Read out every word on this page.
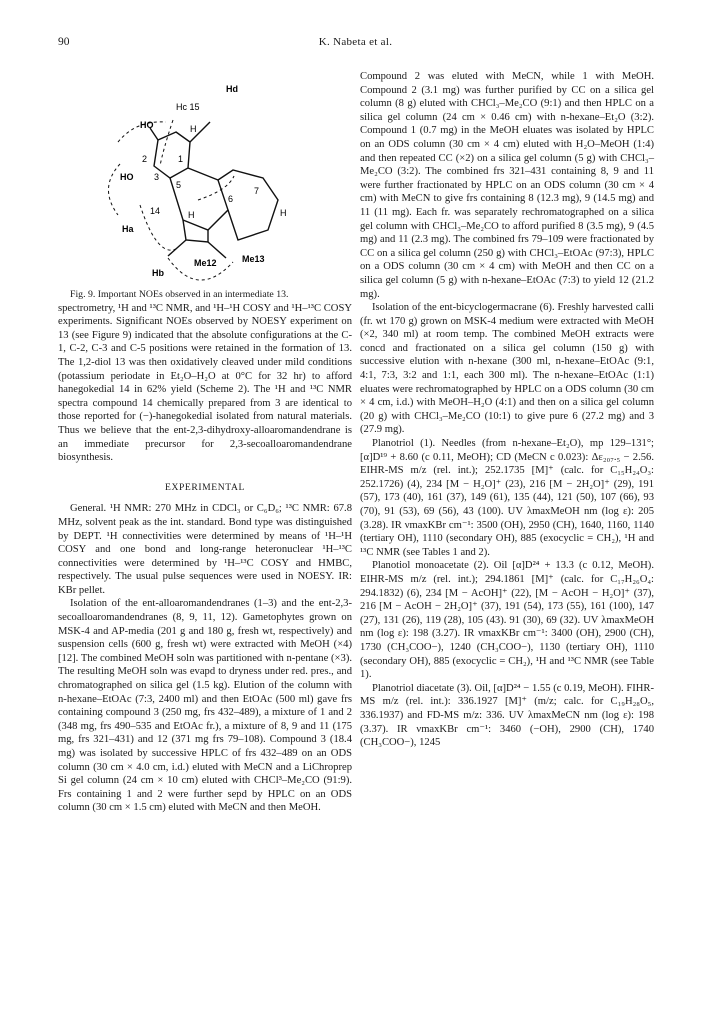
90	K. Nabeta et al.
Hd
Hc 15
HO	H
2	1
HO 3
5
6
7
14
Ha
H	H
Me12	Me13
Hb

Fig. 9. Important NOEs observed in an intermediate 13.

spectrometry, ¹H and ¹³C NMR, and ¹H–¹H COSY and ¹H–¹³C COSY experiments. Significant NOEs observed by NOESY experiment on 13 (see Figure 9) indicated that the absolute configurations at the C-1, C-2, C-3 and C-5 positions were retained in the formation of 13. The 1,2-diol 13 was then oxidatively cleaved under mild conditions (potassium periodate in Et₂O–H₂O at 0°C for 32 hr) to afford hanegokedial 14 in 62% yield (Scheme 2). The ¹H and ¹³C NMR spectra compound 14 chemically prepared from 3 are identical to those reported for (−)-hanegokedial isolated from natural materials. Thus we believe that the ent-2,3-dihydroxy-alloaromandendrane is an immediate precursor for 2,3-secoalloaromandendrane biosynthesis.

EXPERIMENTAL

General. ¹H NMR: 270 MHz in CDCl₃ or C₆D₆; ¹³C NMR: 67.8 MHz, solvent peak as the int. standard. Bond type was distinguished by DEPT. ¹H connectivities were determined by means of ¹H–¹H COSY and one bond and long-range heteronuclear ¹H–¹³C connectivities were determined by ¹H–¹³C COSY and HMBC, respectively. The usual pulse sequences were used in NOESY. IR: KBr pellet.

Isolation of the ent-alloaromandendranes (1–3) and the ent-2,3-secoalloaromandendranes (8, 9, 11, 12). Gametophytes grown on MSK-4 and AP-media (201 g and 180 g, fresh wt, respectively) and suspension cells (600 g, fresh wt) were extracted with MeOH (×4) [12]. The combined MeOH soln was partitioned with n-pentane (×3). The resulting MeOH soln was evapd to dryness under red. pres., and chromatographed on silica gel (1.5 kg). Elution of the column with n-hexane–EtOAc (7:3, 2400 ml) and then EtOAc (500 ml) gave frs containing compound 3 (250 mg, frs 432–489), a mixture of 1 and 2 (348 mg, frs 490–535 and EtOAc fr.), a mixture of 8, 9 and 11 (175 mg, frs 321–431) and 12 (371 mg frs 79–108). Compound 3 (18.4 mg) was isolated by successive HPLC of frs 432–489 on an ODS column (30 cm × 4.0 cm, i.d.) eluted with MeCN and a LiChroprep Si gel column (24 cm × 10 cm) eluted with CHCl³–Me₂CO (91:9). Frs containing 1 and 2 were further sepd by HPLC on an ODS column (30 cm × 1.5 cm) eluted with MeCN and then MeOH.

Compound 2 was eluted with MeCN, while 1 with MeOH. Compound 2 (3.1 mg) was further purified by CC on a silica gel column (8 g) eluted with CHCl₃–Me₂CO (9:1) and then HPLC on a silica gel column (24 cm × 0.46 cm) with n-hexane–Et₂O (3:2). Compound 1 (0.7 mg) in the MeOH eluates was isolated by HPLC on an ODS column (30 cm × 4 cm) eluted with H₂O–MeOH (1:4) and then repeated CC (×2) on a silica gel column (5 g) with CHCl₃–Me₂CO (3:2). The combined frs 321–431 containing 8, 9 and 11 were further fractionated by HPLC on an ODS column (30 cm × 4 cm) with MeCN to give frs containing 8 (12.3 mg), 9 (14.5 mg) and 11 (11 mg). Each fr. was separately rechromatographed on a silica gel column with CHCl₃–Me₂CO to afford purified 8 (3.5 mg), 9 (4.5 mg) and 11 (2.3 mg). The combined frs 79–109 were fractionated by CC on a silica gel column (250 g) with CHCl₃–EtOAc (97:3), HPLC on a ODS column (30 cm × 4 cm) with MeOH and then CC on a silica gel column (5 g) with n-hexane–EtOAc (7:3) to yield 12 (21.2 mg).

Isolation of the ent-bicyclogermacrane (6). Freshly harvested calli (fr. wt 170 g) grown on MSK-4 medium were extracted with MeOH (×2, 340 ml) at room temp. The combined MeOH extracts were concd and fractionated on a silica gel column (150 g) with successive elution with n-hexane (300 ml, n-hexane–EtOAc (9:1, 4:1, 7:3, 3:2 and 1:1, each 300 ml). The n-hexane–EtOAc (1:1) eluates were rechromatographed by HPLC on a ODS column (30 cm × 4 cm, i.d.) with MeOH–H₂O (4:1) and then on a silica gel column (20 g) with CHCl₃–Me₂CO (10:1) to give pure 6 (27.2 mg) and 3 (27.9 mg).

Planotriol (1). Needles (from n-hexane–Et₂O), mp 129–131°; [α]D¹⁹ + 8.60 (c 0.11, MeOH); CD (MeCN c 0.023): Δε₂₀₇.₅ − 2.56. EIHR-MS m/z (rel. int.); 252.1735 [M]⁺ (calc. for C₁₅H₂₄O₃: 252.1726) (4), 234 [M − H₂O]⁺ (23), 216 [M − 2H₂O]⁺ (29), 191 (57), 173 (40), 161 (37), 149 (61), 135 (44), 121 (50), 107 (66), 93 (70), 91 (53), 69 (56), 43 (100). UV λmaxMeOH nm (log ε): 205 (3.28). IR νmaxKBr cm⁻¹: 3500 (OH), 2950 (CH), 1640, 1160, 1140 (tertiary OH), 1110 (secondary OH), 885 (exocyclic = CH₂), ¹H and ¹³C NMR (see Tables 1 and 2).

Planotiol monoacetate (2). Oil [α]D²⁴ + 13.3 (c 0.12, MeOH). EIHR-MS m/z (rel. int.); 294.1861 [M]⁺ (calc. for C₁₇H₂₆O₄: 294.1832) (6), 234 [M − AcOH]⁺ (22), [M − AcOH − H₂O]⁺ (37), 216 [M − AcOH − 2H₂O]⁺ (37), 191 (54), 173 (55), 161 (100), 147 (27), 131 (26), 119 (28), 105 (43). 91 (30), 69 (32). UV λmaxMeOH nm (log ε): 198 (3.27). IR νmaxKBr cm⁻¹: 3400 (OH), 2900 (CH), 1730 (CH₃COO−), 1240 (CH₃COO−), 1130 (tertiary OH), 1110 (secondary OH), 885 (exocyclic = CH₂), ¹H and ¹³C NMR (see Table 1).

Planotriol diacetate (3). Oil, [α]D²⁴ − 1.55 (c 0.19, MeOH). FIHR-MS m/z (rel. int.): 336.1927 [M]⁺ (m/z; calc. for C₁₉H₂₈O₅, 336.1937) and FD-MS m/z: 336. UV λmaxMeCN nm (log ε): 198 (3.37). IR νmaxKBr cm⁻¹: 3460 (−OH), 2900 (CH), 1740 (CH₃COO−), 1245
